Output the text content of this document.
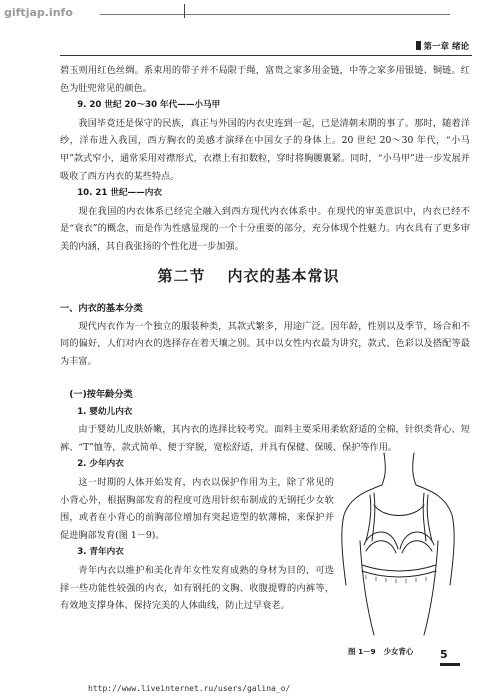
giftjap.info
第一章 绪论

碧玉则用红色丝绸。系束用的带子并不局限于绳，富贵之家多用金链，中等之家多用银链、铜链。红色为肚兜常见的颜色。

9. 20 世纪 20～30 年代——小马甲

我国毕竟还是保守的民族，真正与外国的内衣史连到一起，已是清朝末期的事了。那时，随着洋纱，洋布进入我国，西方胸衣的美感才演绎在中国女子的身体上。20 世纪 20～30 年代，“小马甲”款式窄小，通常采用对襟形式，衣襟上有扣数粒，穿时将胸腰裹紧。同时，“小马甲”进一步发展并吸收了西方内衣的某些特点。

10. 21 世纪——内衣

现在我国的内衣体系已经完全融入到西方现代内衣体系中。在现代的审美意识中，内衣已经不是“衰衣”的概念，而是作为性感显现的一个十分重要的部分，充分体现个性魅力。内衣具有了更多审美的内涵，其自我张扬的个性化进一步加强。

第二节 内衣的基本常识

一、内衣的基本分类

现代内衣作为一个独立的服装种类，其款式繁多，用途广泛。因年龄，性别以及季节，场合和不同的偏好，人们对内衣的选择存在着天壤之别。其中以女性内衣最为讲究，款式、色彩以及搭配等最为丰富。

(一)按年龄分类

1. 婴幼儿内衣

由于婴幼儿皮肤娇嫩，其内衣的选择比较考究。面料主要采用柔软舒适的全棉，针织类背心、短裤、“T”恤等，款式简单、便于穿脱，宽松舒适，并具有保健、保暖、保护等作用。

2. 少年内衣

这一时期的人体开始发育，内衣以保护作用为主，除了常见的小背心外，根据胸部发育的程度可选用针织布制成的无钢托少女软围，或者在小背心的前胸部位增加有突起造型的软薄棉，来保护并促进胸部发育(图 1－9)。

3. 青年内衣

青年内衣以维护和美化青年女性发育成熟的身材为目的，可选择一些功能性较强的内衣，如有钢托的文胸、收腹提臀的内裤等，有效地支撑身体、保持完美的人体曲线，防止过早衰老。

图 1－9 少女背心 5
http://www.liveinternet.ru/users/galina_o/
